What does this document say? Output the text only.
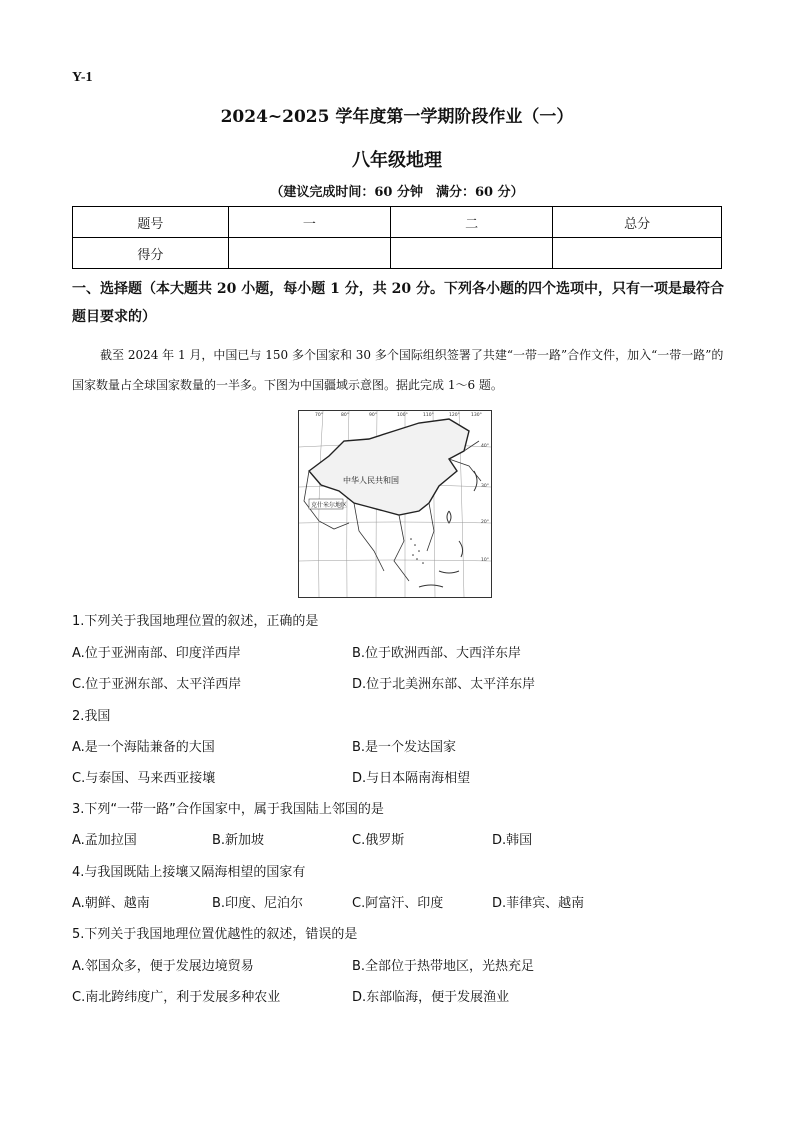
Y-1
2024~2025 学年度第一学期阶段作业（一）
八年级地理
（建议完成时间：60 分钟　满分：60 分）
题号	一	二	总分
得分			
一、选择题（本大题共 20 小题，每小题 1 分，共 20 分。下列各小题的四个选项中，只有一项是最符合题目要求的）
截至 2024 年 1 月，中国已与 150 多个国家和 30 多个国际组织签署了共建“一带一路”合作文件，加入“一带一路”的国家数量占全球国家数量的一半多。下图为中国疆域示意图。据此完成 1～6 题。
中华人民共和国
克什米尔地区
70°	80°	90°	100°	110°	120° 130°
40°
30°
20°
10°
1.下列关于我国地理位置的叙述，正确的是
A.位于亚洲南部、印度洋西岸	B.位于欧洲西部、大西洋东岸
C.位于亚洲东部、太平洋西岸	D.位于北美洲东部、太平洋东岸
2.我国
A.是一个海陆兼备的大国	B.是一个发达国家
C.与泰国、马来西亚接壤	D.与日本隔南海相望
3.下列“一带一路”合作国家中，属于我国陆上邻国的是
A.孟加拉国	B.新加坡	C.俄罗斯	D.韩国
4.与我国既陆上接壤又隔海相望的国家有
A.朝鲜、越南	B.印度、尼泊尔	C.阿富汗、印度	D.菲律宾、越南
5.下列关于我国地理位置优越性的叙述，错误的是
A.邻国众多，便于发展边境贸易	B.全部位于热带地区，光热充足
C.南北跨纬度广，利于发展多种农业	D.东部临海，便于发展渔业
